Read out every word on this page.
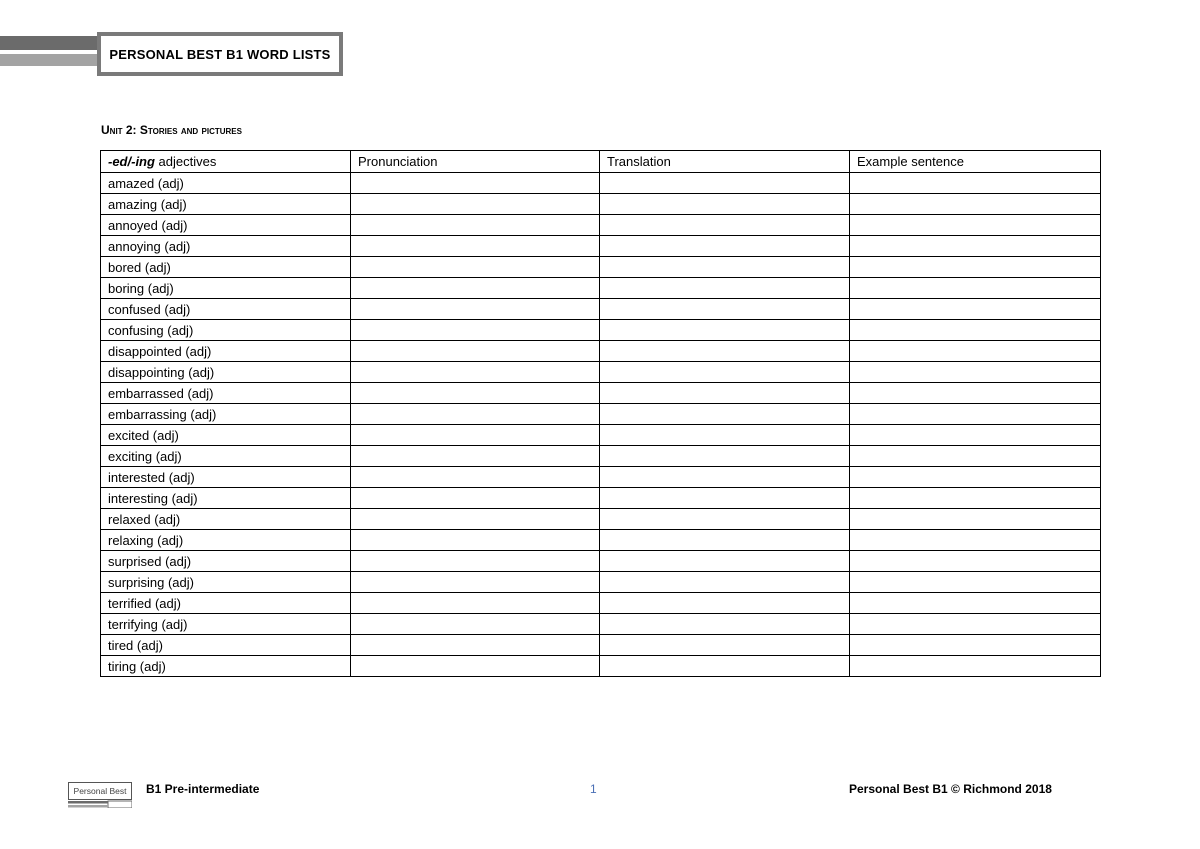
PERSONAL BEST B1 WORD LISTS
Unit 2: Stories and pictures
-ed/-ing adjectives	Pronunciation	Translation	Example sentence
amazed (adj)			
amazing (adj)			
annoyed (adj)			
annoying (adj)			
bored (adj)			
boring (adj)			
confused (adj)			
confusing (adj)			
disappointed (adj)			
disappointing (adj)			
embarrassed (adj)			
embarrassing (adj)			
excited (adj)			
exciting (adj)			
interested (adj)			
interesting (adj)			
relaxed (adj)			
relaxing (adj)			
surprised (adj)			
surprising (adj)			
terrified (adj)			
terrifying (adj)			
tired (adj)			
tiring (adj)			
Personal Best B1 Pre-intermediate	1	Personal Best B1 © Richmond 2018
